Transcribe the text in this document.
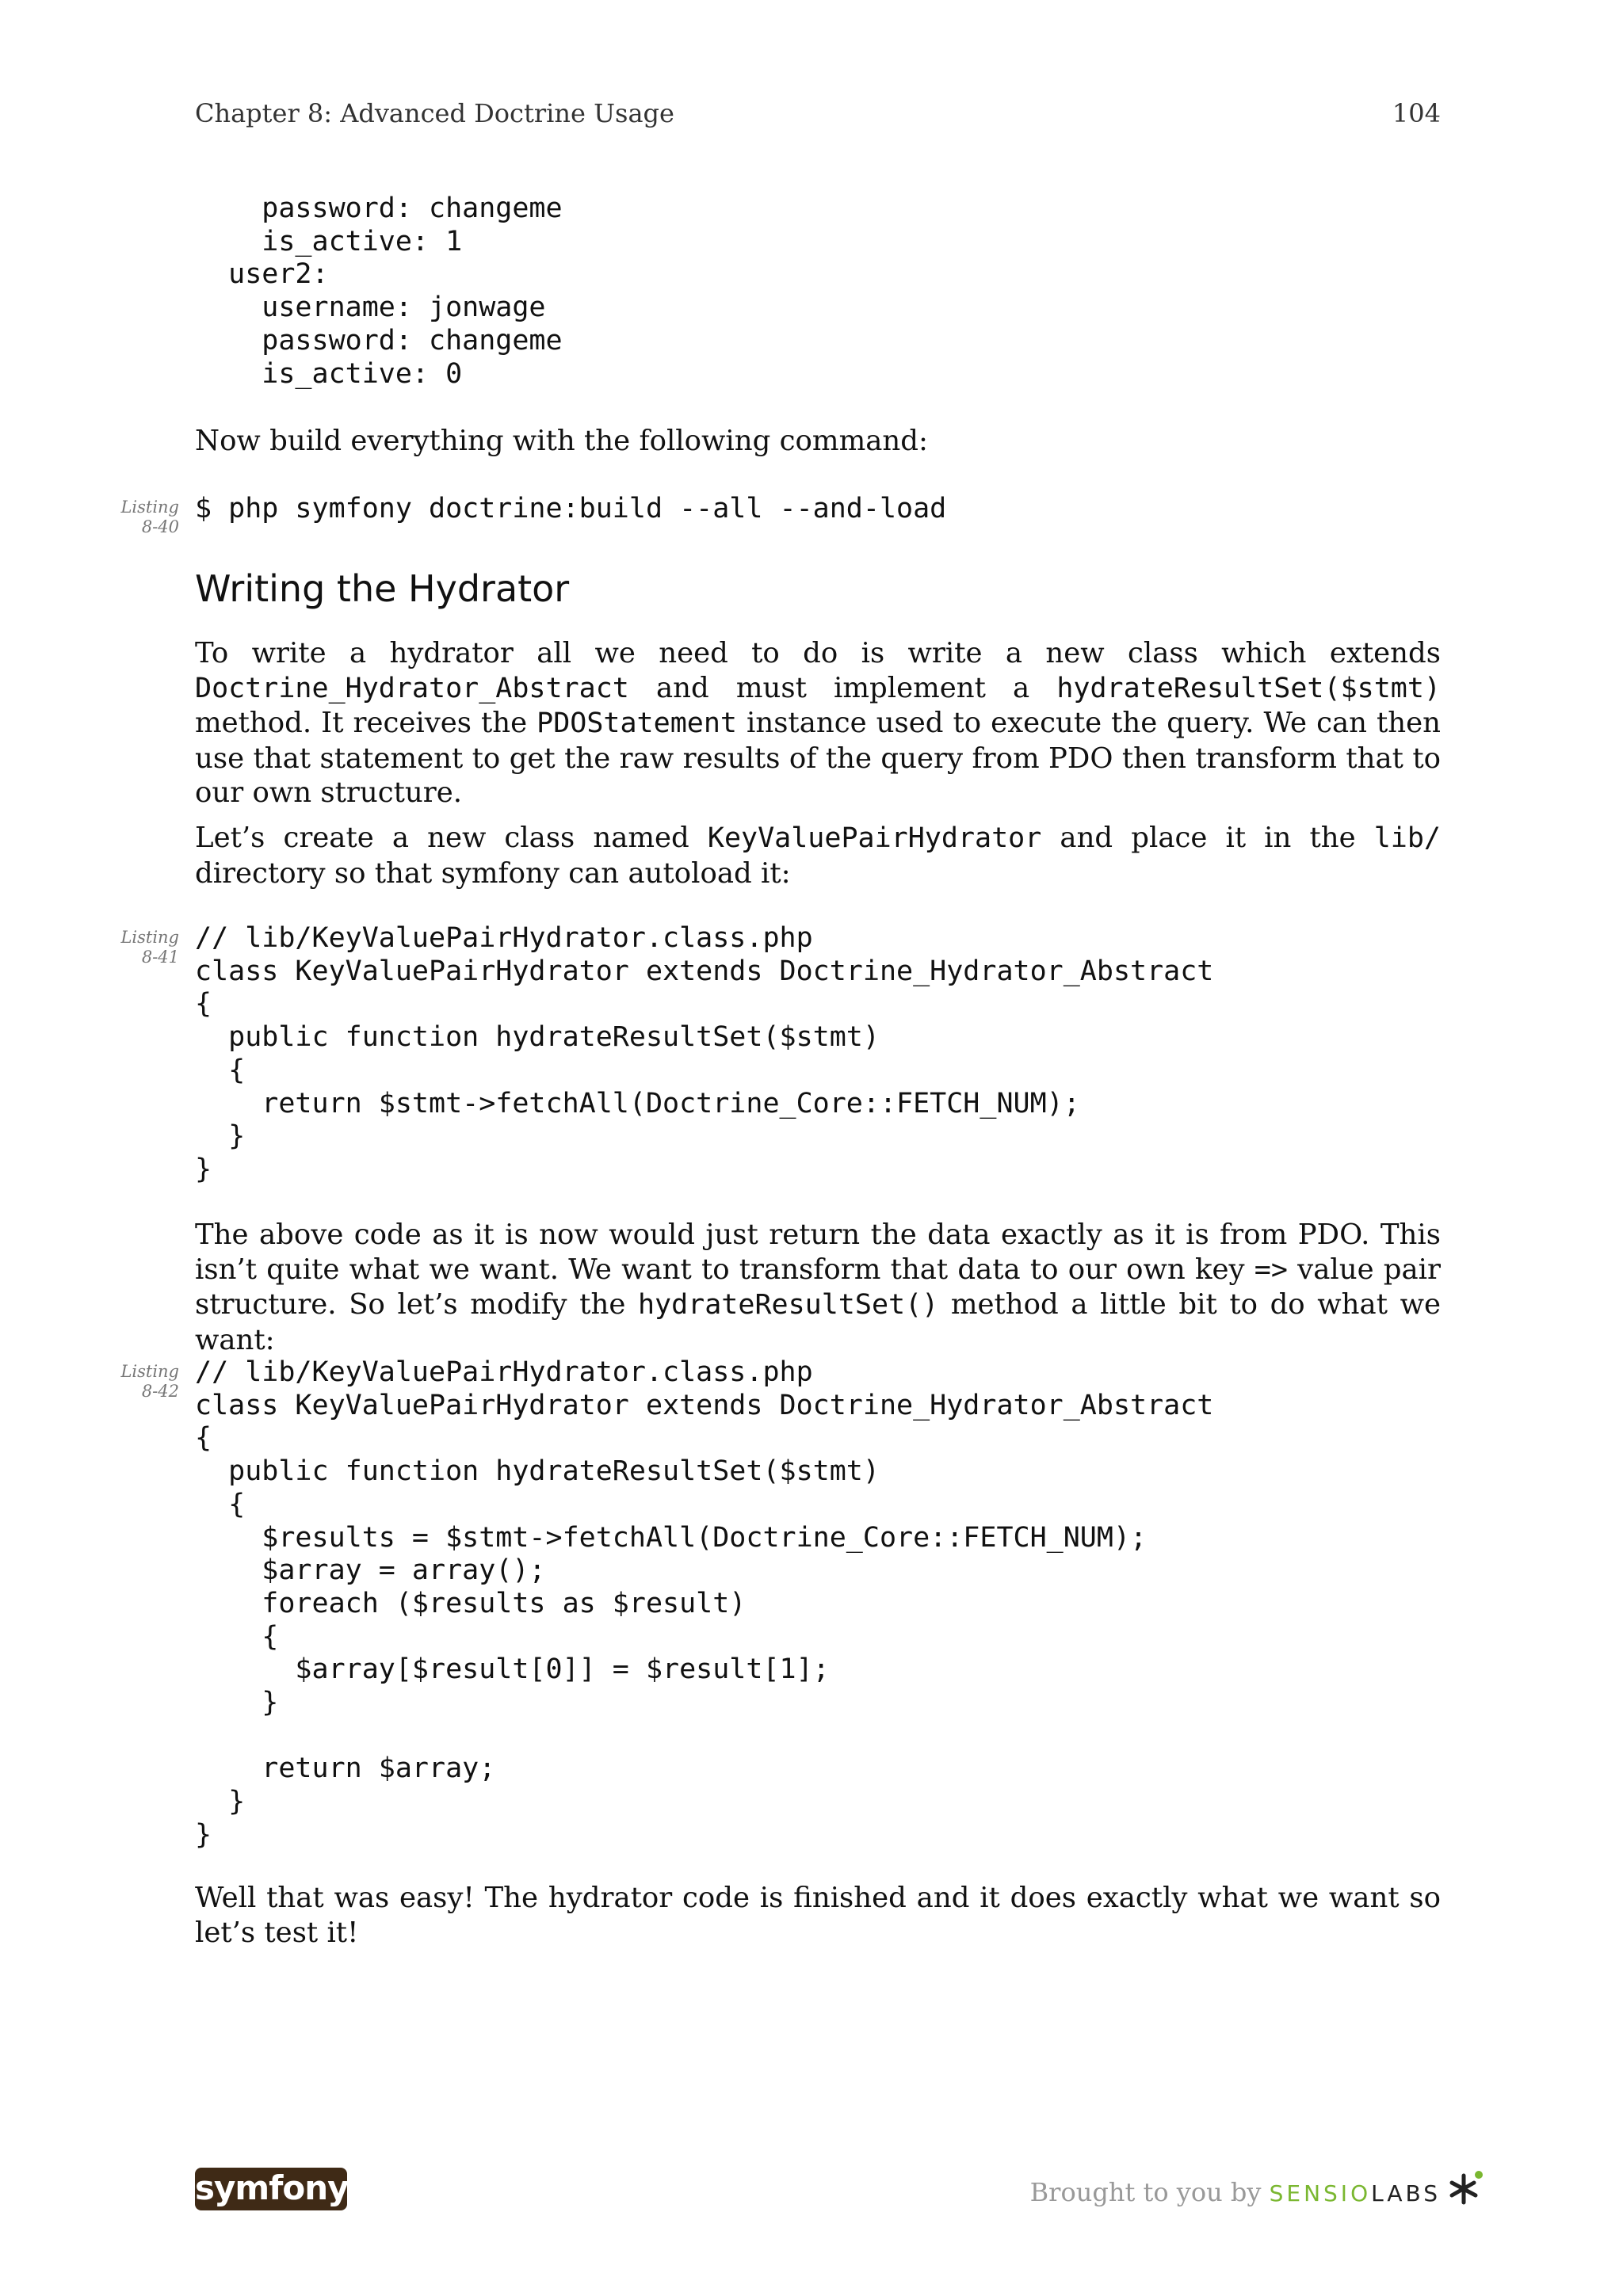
Chapter 8: Advanced Doctrine Usage	104
password: changeme
is_active: 1
user2:
username: jonwage
password: changeme
is_active: 0

Now build everything with the following command:

Listing
8-40
$ php symfony doctrine:build --all --and-load
Writing the Hydrator

To write a hydrator all we need to do is write a new class which extends Doctrine_Hydrator_Abstract and must implement a hydrateResultSet($stmt) method. It receives the PDOStatement instance used to execute the query. We can then use that statement to get the raw results of the query from PDO then transform that to our own structure.

Let’s create a new class named KeyValuePairHydrator and place it in the lib/ directory so that symfony can autoload it:

Listing
8-41
// lib/KeyValuePairHydrator.class.php
class KeyValuePairHydrator extends Doctrine_Hydrator_Abstract
{
public function hydrateResultSet($stmt)
{
return $stmt->fetchAll(Doctrine_Core::FETCH_NUM);
}
}

The above code as it is now would just return the data exactly as it is from PDO. This isn’t quite what we want. We want to transform that data to our own key => value pair structure. So let’s modify the hydrateResultSet() method a little bit to do what we want:

Listing
8-42
// lib/KeyValuePairHydrator.class.php
class KeyValuePairHydrator extends Doctrine_Hydrator_Abstract
{
public function hydrateResultSet($stmt)
{
$results = $stmt->fetchAll(Doctrine_Core::FETCH_NUM);
$array = array();
foreach ($results as $result)
{
$array[$result[0]] = $result[1];
}

return $array;
}
}

Well that was easy! The hydrator code is finished and it does exactly what we want so let’s test it!

symfony	Brought to you by SENSIOLABS
